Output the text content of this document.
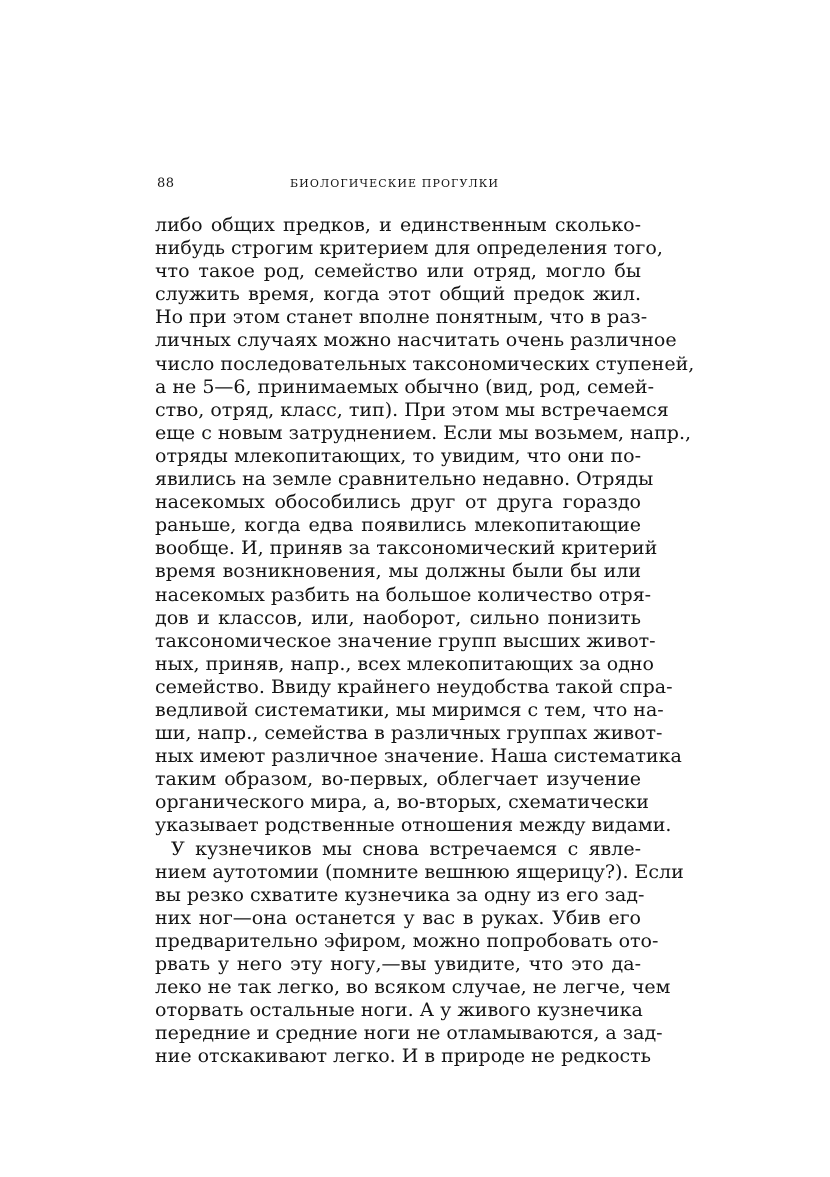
88	БИОЛОГИЧЕСКИЕ ПРОГУЛКИ
либо общих предков, и единственным сколько-
нибудь строгим критерием для определения того,
что такое род, семейство или отряд, могло бы
служить время, когда этот общий предок жил.
Но при этом станет вполне понятным, что в раз-
личных случаях можно насчитать очень различное
число последовательных таксономических ступеней,
а не 5—6, принимаемых обычно (вид, род, семей-
ство, отряд, класс, тип). При этом мы встречаемся
еще с новым затруднением. Если мы возьмем, напр.,
отряды млекопитающих, то увидим, что они по-
явились на земле сравнительно недавно. Отряды
насекомых обособились друг от друга гораздо
раньше, когда едва появились млекопитающие
вообще. И, приняв за таксономический критерий
время возникновения, мы должны были бы или
насекомых разбить на большое количество отря-
дов и классов, или, наоборот, сильно понизить
таксономическое значение групп высших живот-
ных, приняв, напр., всех млекопитающих за одно
семейство. Ввиду крайнего неудобства такой спра-
ведливой систематики, мы миримся с тем, что на-
ши, напр., семейства в различных группах живот-
ных имеют различное значение. Наша систематика
таким образом, во-первых, облегчает изучение
органического мира, а, во-вторых, схематически
указывает родственные отношения между видами.
У кузнечиков мы снова встречаемся с явле-
нием аутотомии (помните вешнюю ящерицу?). Если
вы резко схватите кузнечика за одну из его зад-
них ног—она останется у вас в руках. Убив его
предварительно эфиром, можно попробовать ото-
рвать у него эту ногу,—вы увидите, что это да-
леко не так легко, во всяком случае, не легче, чем
оторвать остальные ноги. А у живого кузнечика
передние и средние ноги не отламываются, а зад-
ние отскакивают легко. И в природе не редкость
